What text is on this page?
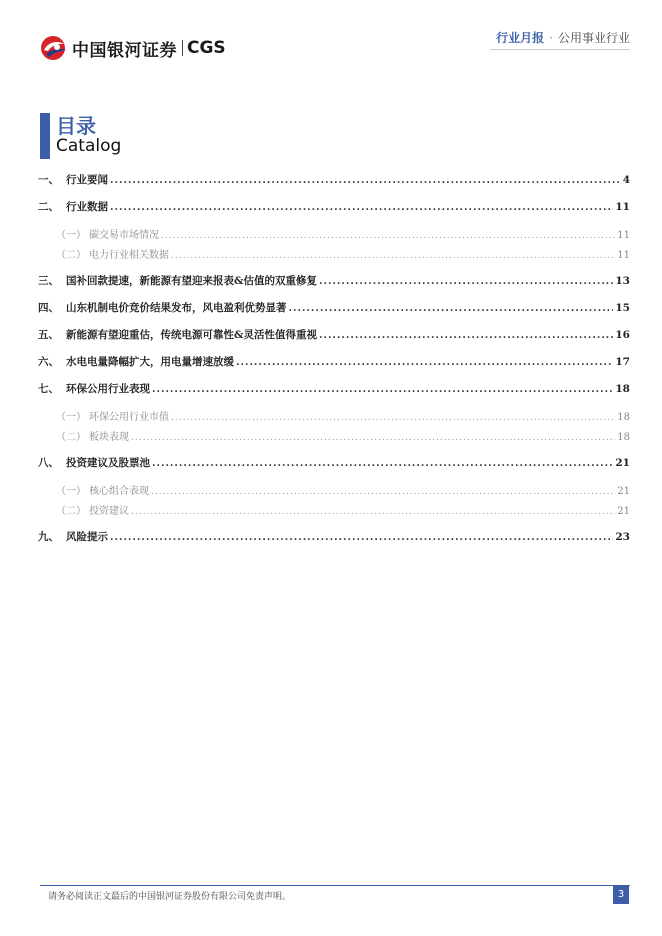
中国银河证券 CGS	行业月报 · 公用事业行业
目录
Catalog
一、 行业要闻 .....	4
二、 行业数据 .....	11
（一） 碳交易市场情况 .....	11
（二） 电力行业相关数据 .....	11
三、 国补回款提速，新能源有望迎来报表&估值的双重修复 .....	13
四、 山东机制电价竞价结果发布，风电盈利优势显著 .....	15
五、 新能源有望迎重估，传统电源可靠性&灵活性值得重视 .....	16
六、 水电电量降幅扩大，用电量增速放缓 .....	17
七、 环保公用行业表现 .....	18
（一） 环保公用行业市值 .....	18
（二） 板块表现 .....	18
八、 投资建议及股票池 .....	21
（一） 核心组合表现 .....	21
（二） 投资建议 .....	21
九、 风险提示 .....	23
请务必阅读正文最后的中国银河证券股份有限公司免责声明。	3
